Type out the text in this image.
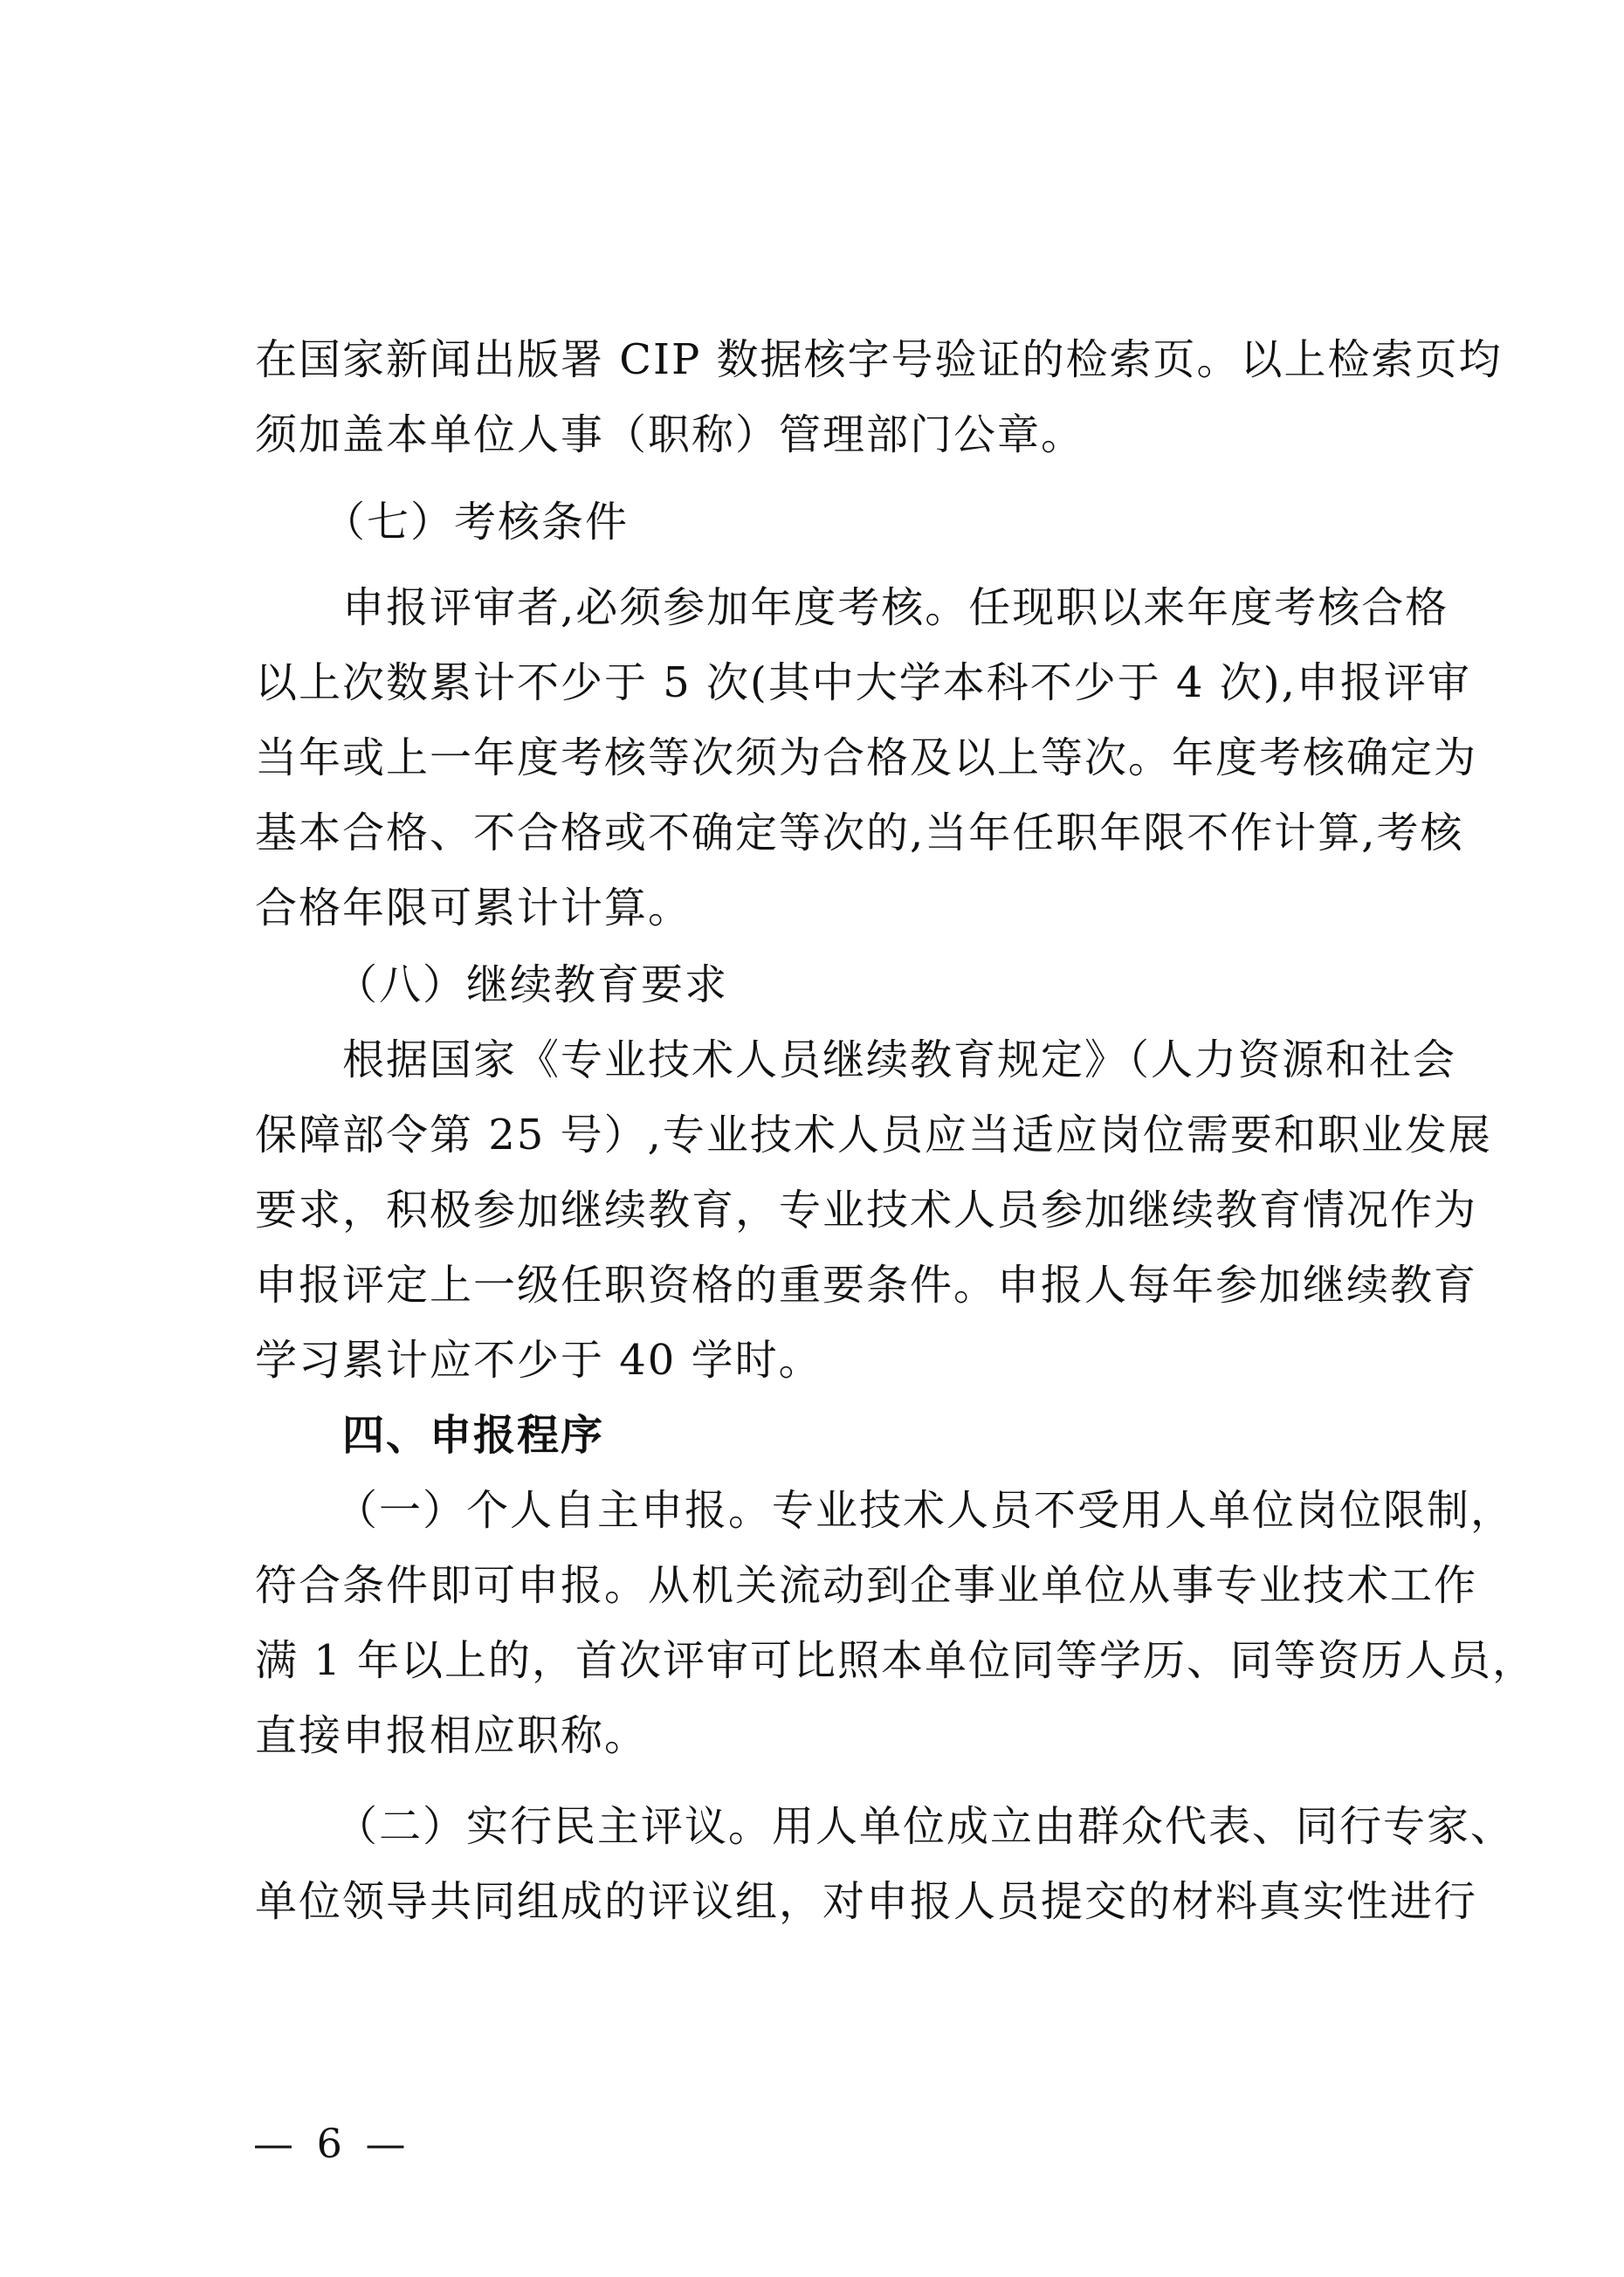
在国家新闻出版署 CIP 数据核字号验证的检索页。以上检索页均
须加盖本单位人事（职称）管理部门公章。
（七）考核条件
申报评审者,必须参加年度考核。任现职以来年度考核合格
以上次数累计不少于 5 次(其中大学本科不少于 4 次),申报评审
当年或上一年度考核等次须为合格及以上等次。年度考核确定为
基本合格、不合格或不确定等次的,当年任职年限不作计算,考核
合格年限可累计计算。
（八）继续教育要求
根据国家《专业技术人员继续教育规定》（人力资源和社会
保障部令第 25 号）,专业技术人员应当适应岗位需要和职业发展
要求，积极参加继续教育，专业技术人员参加继续教育情况作为
申报评定上一级任职资格的重要条件。申报人每年参加继续教育
学习累计应不少于 40 学时。
四、申报程序
（一）个人自主申报。专业技术人员不受用人单位岗位限制，
符合条件即可申报。从机关流动到企事业单位从事专业技术工作
满 1 年以上的，首次评审可比照本单位同等学历、同等资历人员，
直接申报相应职称。
（二）实行民主评议。用人单位成立由群众代表、同行专家、
单位领导共同组成的评议组，对申报人员提交的材料真实性进行
— 6 —
